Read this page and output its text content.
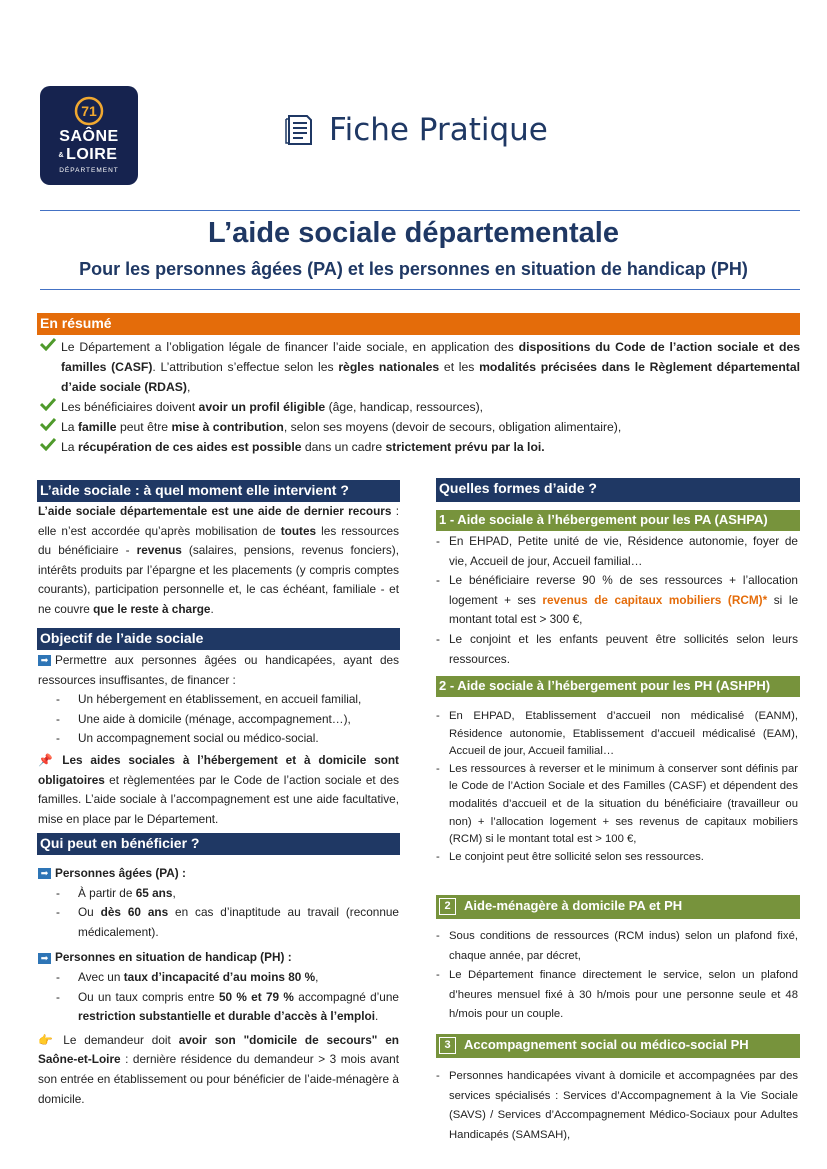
71
SAÔNE
& LOIRE
DÉPARTEMENT
Fiche Pratique
L’aide sociale départementale
Pour les personnes âgées (PA) et les personnes en situation de handicap (PH)
En résumé
Le Département a l’obligation légale de financer l’aide sociale, en application des dispositions du Code de l’action sociale et des familles (CASF). L’attribution s’effectue selon les règles nationales et les modalités précisées dans le Règlement départemental d’aide sociale (RDAS),
Les bénéficiaires doivent avoir un profil éligible (âge, handicap, ressources),
La famille peut être mise à contribution, selon ses moyens (devoir de secours, obligation alimentaire),
La récupération de ces aides est possible dans un cadre strictement prévu par la loi.
L’aide sociale : à quel moment elle intervient ?

L’aide sociale départementale est une aide de dernier recours : elle n’est accordée qu’après mobilisation de toutes les ressources du bénéficiaire - revenus (salaires, pensions, revenus fonciers), intérêts produits par l’épargne et les placements (y compris comptes courants), participation personnelle et, le cas échéant, familiale - et ne couvre que le reste à charge.

Objectif de l’aide sociale

➡ Permettre aux personnes âgées ou handicapées, ayant des ressources insuffisantes, de financer :

-	Un hébergement en établissement, en accueil familial,
-	Une aide à domicile (ménage, accompagnement…),
-	Un accompagnement social ou médico-social.

📌 Les aides sociales à l’hébergement et à domicile sont obligatoires et règlementées par le Code de l’action sociale et des familles. L’aide sociale à l’accompagnement est une aide facultative, mise en place par le Département.

Qui peut en bénéficier ?

➡ Personnes âgées (PA) :

-	À partir de 65 ans,
-	Ou dès 60 ans en cas d’inaptitude au travail (reconnue médicalement).

➡ Personnes en situation de handicap (PH) :

-	Avec un taux d’incapacité d’au moins 80 %,
-	Ou un taux compris entre 50 % et 79 % accompagné d’une restriction substantielle et durable d’accès à l’emploi.

👉 Le demandeur doit avoir son "domicile de secours" en Saône-et-Loire : dernière résidence du demandeur > 3 mois avant son entrée en établissement ou pour bénéficier de l’aide-ménagère à domicile.

Quelles formes d’aide ?
1 - Aide sociale à l’hébergement pour les PA (ASHPA)
- En EHPAD, Petite unité de vie, Résidence autonomie, foyer de vie, Accueil de jour, Accueil familial…
- Le bénéficiaire reverse 90 % de ses ressources + l’allocation logement + ses revenus de capitaux mobiliers (RCM)* si le montant total est > 300 €,
- Le conjoint et les enfants peuvent être sollicités selon leurs ressources.
2 - Aide sociale à l’hébergement pour les PH (ASHPH)
- En EHPAD, Etablissement d’accueil non médicalisé (EANM), Résidence autonomie, Etablissement d’accueil médicalisé (EAM), Accueil de jour, Accueil familial…
- Les ressources à reverser et le minimum à conserver sont définis par le Code de l’Action Sociale et des Familles (CASF) et dépendent des modalités d’accueil et de la situation du bénéficiaire (travailleur ou non) + l’allocation logement + ses revenus de capitaux mobiliers (RCM) si le montant total est > 100 €,
- Le conjoint peut être sollicité selon ses ressources.
2 Aide-ménagère à domicile PA et PH
- Sous conditions de ressources (RCM indus) selon un plafond fixé, chaque année, par décret,
- Le Département finance directement le service, selon un plafond d’heures mensuel fixé à 30 h/mois pour une personne seule et 48 h/mois pour un couple.
3 Accompagnement social ou médico-social PH
- Personnes handicapées vivant à domicile et accompagnées par des services spécialisés : Services d’Accompagnement à la Vie Sociale (SAVS) / Services d’Accompagnement Médico-Sociaux pour Adultes Handicapés (SAMSAH),
